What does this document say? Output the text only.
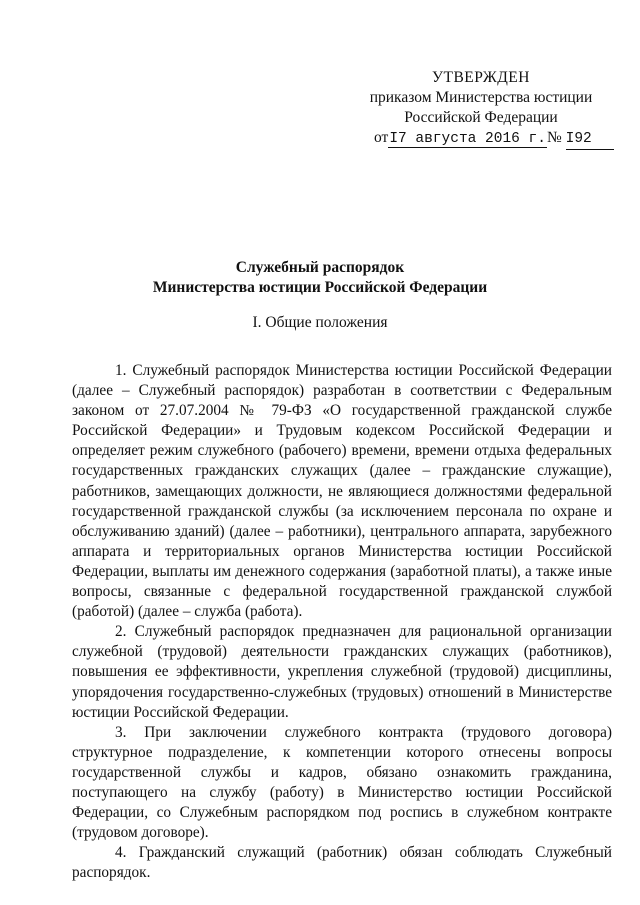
УТВЕРЖДЕН
приказом Министерства юстиции
Российской Федерации
отI7 августа 2016 г.№ I92
Служебный распорядок
Министерства юстиции Российской Федерации
I. Общие положения

1. Служебный распорядок Министерства юстиции Российской Федерации (далее – Служебный распорядок) разработан в соответствии с Федеральным законом от 27.07.2004 № 79-ФЗ «О государственной гражданской службе Российской Федерации» и Трудовым кодексом Российской Федерации и определяет режим служебного (рабочего) времени, времени отдыха федеральных государственных гражданских служащих (далее – гражданские служащие), работников, замещающих должности, не являющиеся должностями федеральной государственной гражданской службы (за исключением персонала по охране и обслуживанию зданий) (далее – работники), центрального аппарата, зарубежного аппарата и территориальных органов Министерства юстиции Российской Федерации, выплаты им денежного содержания (заработной платы), а также иные вопросы, связанные с федеральной государственной гражданской службой (работой) (далее – служба (работа).

2. Служебный распорядок предназначен для рациональной организации служебной (трудовой) деятельности гражданских служащих (работников), повышения ее эффективности, укрепления служебной (трудовой) дисциплины, упорядочения государственно-служебных (трудовых) отношений в Министерстве юстиции Российской Федерации.

3. При заключении служебного контракта (трудового договора) структурное подразделение, к компетенции которого отнесены вопросы государственной службы и кадров, обязано ознакомить гражданина, поступающего на службу (работу) в Министерство юстиции Российской Федерации, со Служебным распорядком под роспись в служебном контракте (трудовом договоре).

4. Гражданский служащий (работник) обязан соблюдать Служебный распорядок.
